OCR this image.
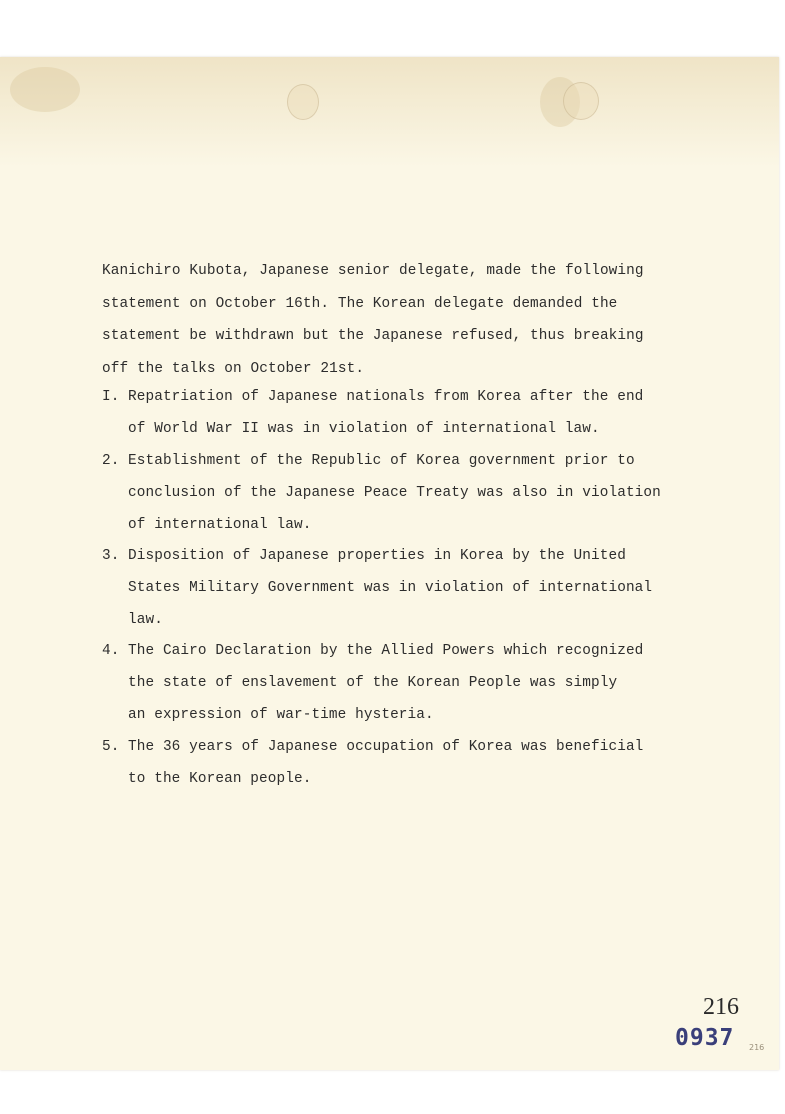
Kanichiro Kubota, Japanese senior delegate, made the following
statement on October 16th. The Korean delegate demanded the
statement be withdrawn but the Japanese refused, thus breaking
off the talks on October 21st.
I. Repatriation of Japanese nationals from Korea after the end
of World War II was in violation of international law.
2. Establishment of the Republic of Korea government prior to
conclusion of the Japanese Peace Treaty was also in violation
of international law.
3. Disposition of Japanese properties in Korea by the United
States Military Government was in violation of international
law.
4. The Cairo Declaration by the Allied Powers which recognized
the state of enslavement of the Korean People was simply
an expression of war-time hysteria.
5. The 36 years of Japanese occupation of Korea was beneficial
to the Korean people.
216
0937 216
